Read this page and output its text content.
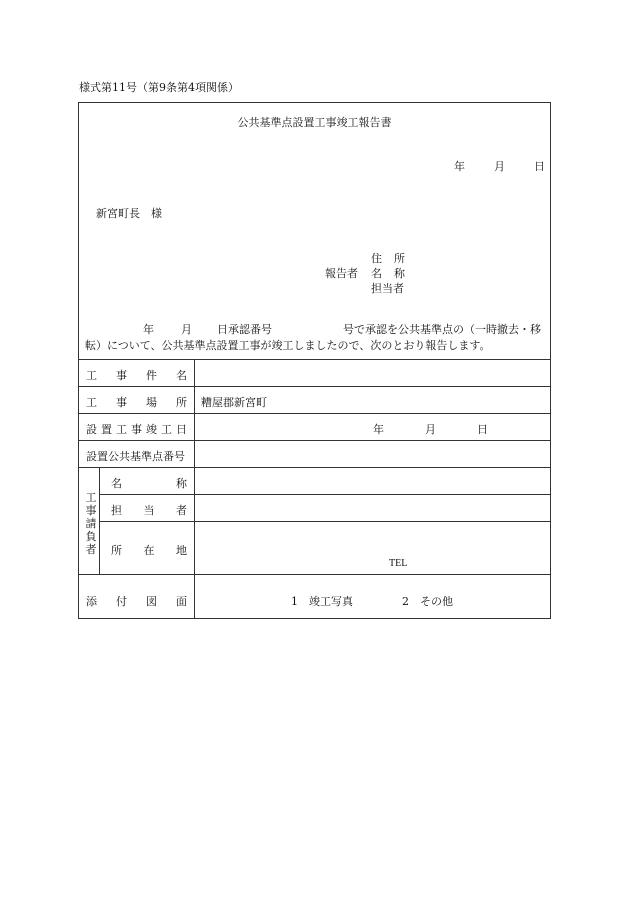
様式第11号（第9条第4項関係）
公共基準点設置工事竣工報告書
年	月	日
新宮町長　様
住 所
報告者 名 称
担当者
年 月 日承認番号	号で承認を公共基準点の（一時撤去・移
転）について、公共基準点設置工事が竣工しましたので、次のとおり報告します。
工 事 件 名
工 事 場 所 糟屋郡新宮町
設 置 工 事 竣 工 日	年	月	日
設置公共基準点番号
工
事
請
負
者
名	称
担 当 者
所 在 地
TEL
添 付 図 面	1　竣工写真	2　その他
